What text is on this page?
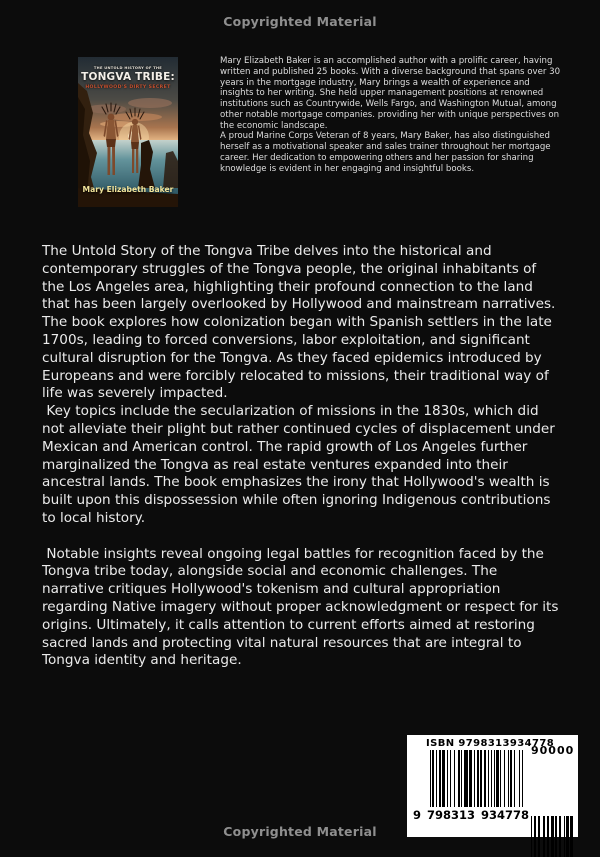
Copyrighted Material
THE UNTOLD HISTORY OF THE
TONGVA TRIBE:
HOLLYWOOD'S DIRTY SECRET
Mary Elizabeth Baker

Mary Elizabeth Baker is an accomplished author with a prolific career, having written and published 25 books. With a diverse background that spans over 30 years in the mortgage industry, Mary brings a wealth of experience and insights to her writing. She held upper management positions at renowned institutions such as Countrywide, Wells Fargo, and Washington Mutual, among other notable mortgage companies. providing her with unique perspectives on the economic landscape.

A proud Marine Corps Veteran of 8 years, Mary Baker, has also distinguished herself as a motivational speaker and sales trainer throughout her mortgage career. Her dedication to empowering others and her passion for sharing knowledge is evident in her engaging and insightful books.

The Untold Story of the Tongva Tribe delves into the historical and contemporary struggles of the Tongva people, the original inhabitants of the Los Angeles area, highlighting their profound connection to the land that has been largely overlooked by Hollywood and mainstream narratives. The book explores how colonization began with Spanish settlers in the late 1700s, leading to forced conversions, labor exploitation, and significant cultural disruption for the Tongva. As they faced epidemics introduced by Europeans and were forcibly relocated to missions, their traditional way of life was severely impacted.

Key topics include the secularization of missions in the 1830s, which did not alleviate their plight but rather continued cycles of displacement under Mexican and American control. The rapid growth of Los Angeles further marginalized the Tongva as real estate ventures expanded into their ancestral lands. The book emphasizes the irony that Hollywood's wealth is built upon this dispossession while often ignoring Indigenous contributions to local history.

Notable insights reveal ongoing legal battles for recognition faced by the Tongva tribe today, alongside social and economic challenges. The narrative critiques Hollywood's tokenism and cultural appropriation regarding Native imagery without proper acknowledgment or respect for its origins. Ultimately, it calls attention to current efforts aimed at restoring sacred lands and protecting vital natural resources that are integral to Tongva identity and heritage.

ISBN 9798313934778
9 798313 934778
90000
Copyrighted Material
